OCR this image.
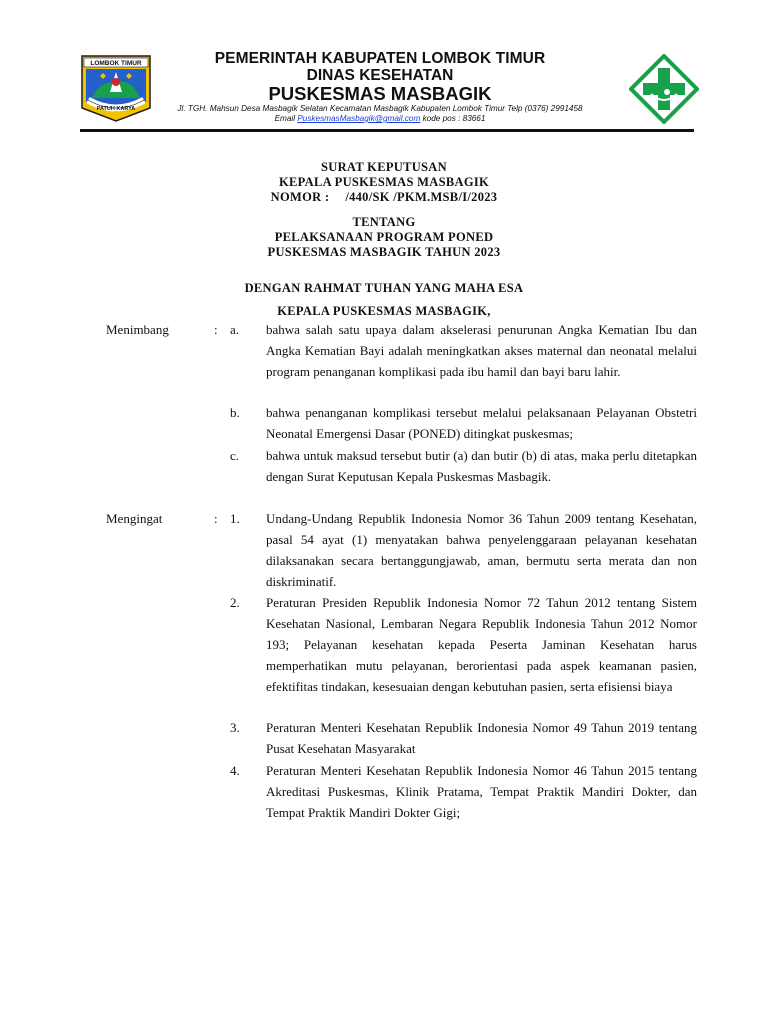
LOMBOK TIMUR
PATUH KARYA
PEMERINTAH KABUPATEN LOMBOK TIMUR
DINAS KESEHATAN
PUSKESMAS MASBAGIK
Jl. TGH. Mahsun Desa Masbagik Selatan Kecamatan Masbagik Kabupaten Lombok Timur Telp (0376) 2991458
Email PuskesmasMasbagik@gmail.com kode pos : 83661
SURAT KEPUTUSAN
KEPALA PUSKESMAS MASBAGIK
NOMOR : /440/SK /PKM.MSB/I/2023
TENTANG
PELAKSANAAN PROGRAM PONED
PUSKESMAS MASBAGIK TAHUN 2023
DENGAN RAHMAT TUHAN YANG MAHA ESA
KEPALA PUSKESMAS MASBAGIK,
Menimbang	: a. bahwa salah satu upaya dalam akselerasi penurunan Angka Kematian Ibu dan Angka Kematian Bayi adalah meningkatkan akses maternal dan neonatal melalui program penanganan komplikasi pada ibu hamil dan bayi baru lahir.
b. bahwa penanganan komplikasi tersebut melalui pelaksanaan Pelayanan Obstetri Neonatal Emergensi Dasar (PONED) ditingkat puskesmas;
c. bahwa untuk maksud tersebut butir (a) dan butir (b) di atas, maka perlu ditetapkan dengan Surat Keputusan Kepala Puskesmas Masbagik.
Mengingat	: 1. Undang-Undang Republik Indonesia Nomor 36 Tahun 2009 tentang Kesehatan, pasal 54 ayat (1) menyatakan bahwa penyelenggaraan pelayanan kesehatan dilaksanakan secara bertanggungjawab, aman, bermutu serta merata dan non diskriminatif.
2. Peraturan Presiden Republik Indonesia Nomor 72 Tahun 2012 tentang Sistem Kesehatan Nasional, Lembaran Negara Republik Indonesia Tahun 2012 Nomor 193; Pelayanan kesehatan kepada Peserta Jaminan Kesehatan harus memperhatikan mutu pelayanan, berorientasi pada aspek keamanan pasien, efektifitas tindakan, kesesuaian dengan kebutuhan pasien, serta efisiensi biaya
3. Peraturan Menteri Kesehatan Republik Indonesia Nomor 49 Tahun 2019 tentang Pusat Kesehatan Masyarakat
4. Peraturan Menteri Kesehatan Republik Indonesia Nomor 46 Tahun 2015 tentang Akreditasi Puskesmas, Klinik Pratama, Tempat Praktik Mandiri Dokter, dan Tempat Praktik Mandiri Dokter Gigi;
